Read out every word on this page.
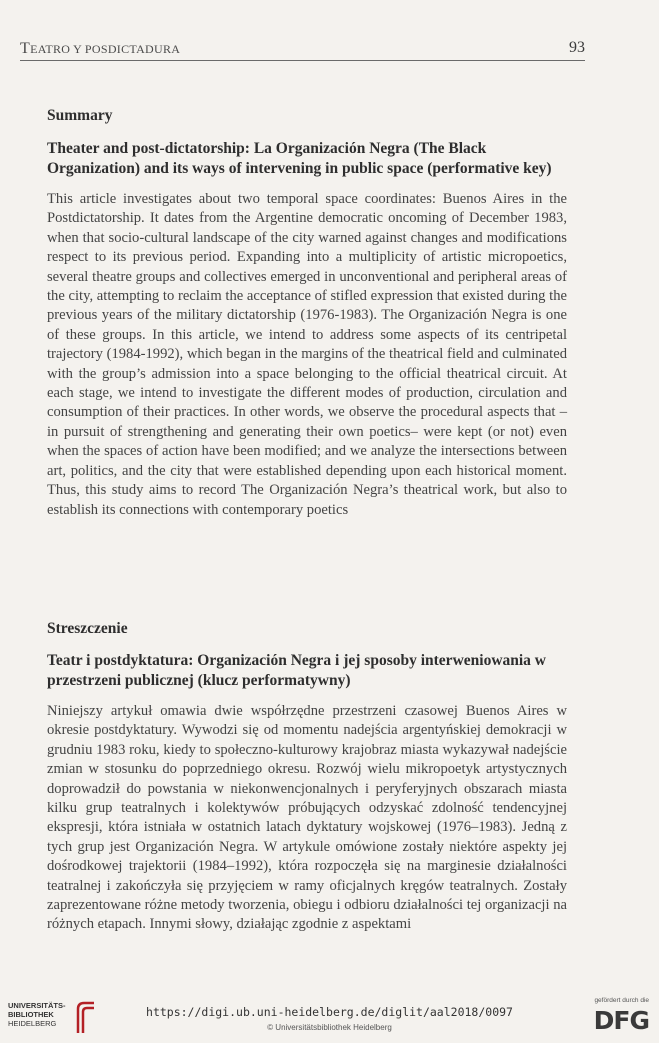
TEATRO Y POSDICTADURA	93

Summary

Theater and post-dictatorship: La Organización Negra (The Black Organization) and its ways of intervening in public space (performative key)

This article investigates about two temporal space coordinates: Buenos Aires in the Postdictatorship. It dates from the Argentine democratic oncoming of December 1983, when that socio-cultural landscape of the city warned against changes and modifications respect to its previous period. Expanding into a multiplicity of artistic micropoetics, several theatre groups and collectives emerged in unconventional and peripheral areas of the city, attempting to reclaim the acceptance of stifled expression that existed during the previous years of the military dictatorship (1976-1983). The Organización Negra is one of these groups. In this article, we intend to address some aspects of its centripetal trajectory (1984-1992), which began in the margins of the theatrical field and culminated with the group’s admission into a space belonging to the official theatrical circuit. At each stage, we intend to investigate the different modes of production, circulation and consumption of their practices. In other words, we observe the procedural aspects that –in pursuit of strengthening and generating their own poetics– were kept (or not) even when the spaces of action have been modified; and we analyze the intersections between art, politics, and the city that were established depending upon each historical moment. Thus, this study aims to record The Organización Negra’s theatrical work, but also to establish its connections with contemporary poetics

Streszczenie

Teatr i postdyktatura: Organización Negra i jej sposoby interweniowania w przestrzeni publicznej (klucz performatywny)

Niniejszy artykuł omawia dwie współrzędne przestrzeni czasowej Buenos Aires w okresie postdyktatury. Wywodzi się od momentu nadejścia argentyńskiej demokracji w grudniu 1983 roku, kiedy to społeczno-kulturowy krajobraz miasta wykazywał nadejście zmian w stosunku do poprzedniego okresu. Rozwój wielu mikropoetyk artystycznych doprowadził do powstania w niekonwencjonalnych i peryferyjnych obszarach miasta kilku grup teatralnych i kolektywów próbujących odzyskać zdolność tendencyjnej ekspresji, która istniała w ostatnich latach dyktatury wojskowej (1976–1983). Jedną z tych grup jest Organización Negra. W artykule omówione zostały niektóre aspekty jej dośrodkowej trajektorii (1984–1992), która rozpoczęła się na marginesie działalności teatralnej i zakończyła się przyjęciem w ramy oficjalnych kręgów teatralnych. Zostały zaprezentowane różne metody tworzenia, obiegu i odbioru działalności tej organizacji na różnych etapach. Innymi słowy, działając zgodnie z aspektami

UNIVERSITÄTS-
BIBLIOTHEK
HEIDELBERG
https://digi.ub.uni-heidelberg.de/diglit/aal2018/0097
© Universitätsbibliothek Heidelberg
gefördert durch die
DFG
